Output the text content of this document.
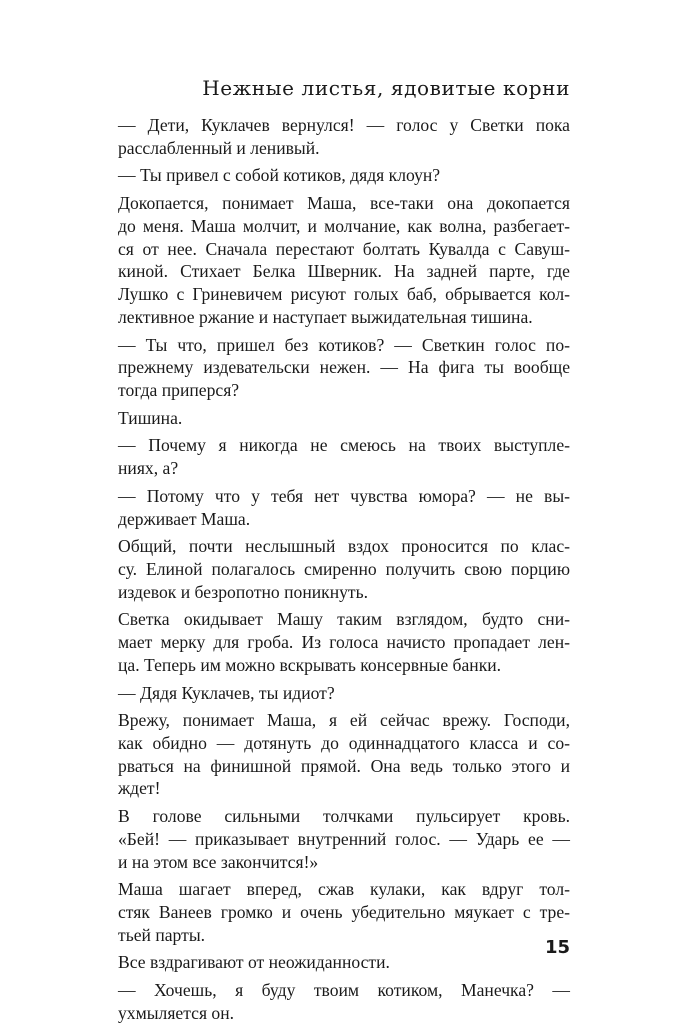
Нежные листья, ядовитые корни
— Дети, Куклачев вернулся! — голос у Светки пока
расслабленный и ленивый.
— Ты привел с собой котиков, дядя клоун?
Докопается, понимает Маша, все-таки она докопается
до меня. Маша молчит, и молчание, как волна, разбегает-
ся от нее. Сначала перестают болтать Кувалда с Савуш-
киной. Стихает Белка Шверник. На задней парте, где
Лушко с Гриневичем рисуют голых баб, обрывается кол-
лективное ржание и наступает выжидательная тишина.
— Ты что, пришел без котиков? — Светкин голос по-
прежнему издевательски нежен. — На фига ты вообще
тогда приперся?
Тишина.
— Почему я никогда не смеюсь на твоих выступле-
ниях, а?
— Потому что у тебя нет чувства юмора? — не вы-
держивает Маша.
Общий, почти неслышный вздох проносится по клас-
су. Елиной полагалось смиренно получить свою порцию
издевок и безропотно поникнуть.
Светка окидывает Машу таким взглядом, будто сни-
мает мерку для гроба. Из голоса начисто пропадает лен-
ца. Теперь им можно вскрывать консервные банки.
— Дядя Куклачев, ты идиот?
Врежу, понимает Маша, я ей сейчас врежу. Господи,
как обидно — дотянуть до одиннадцатого класса и со-
рваться на финишной прямой. Она ведь только этого и
ждет!
В голове сильными толчками пульсирует кровь.
«Бей! — приказывает внутренний голос. — Ударь ее —
и на этом все закончится!»
Маша шагает вперед, сжав кулаки, как вдруг тол-
стяк Ванеев громко и очень убедительно мяукает с тре-
тьей парты.
Все вздрагивают от неожиданности.
— Хочешь, я буду твоим котиком, Манечка? —
ухмыляется он.
15
